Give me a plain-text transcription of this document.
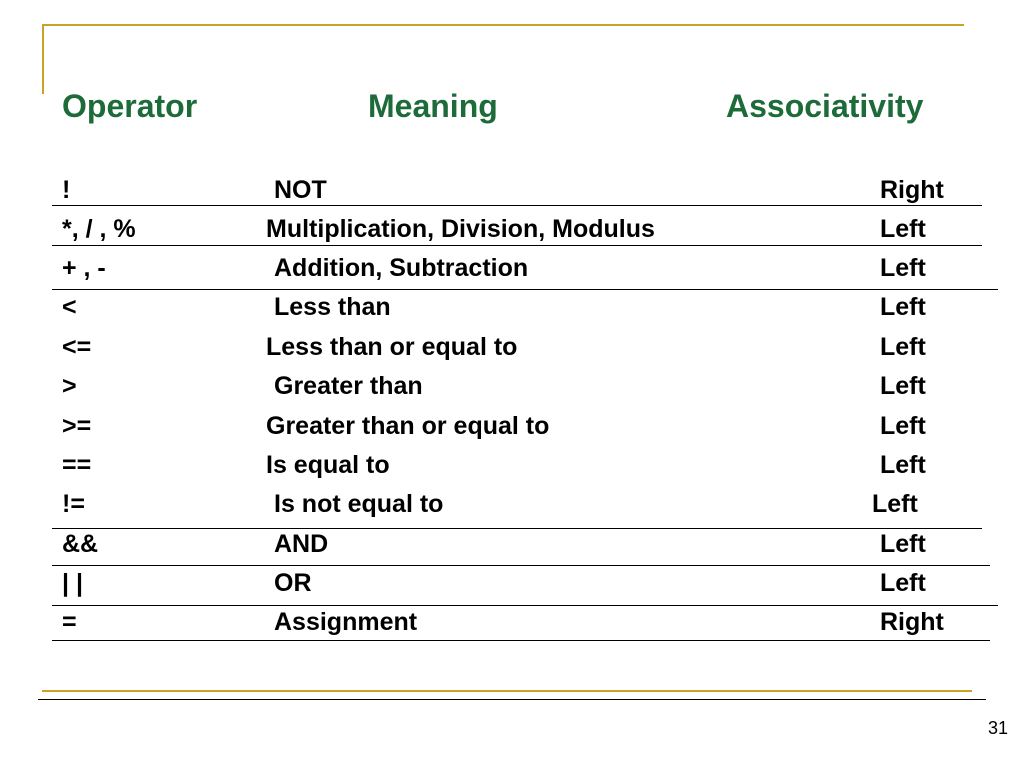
Operator	Meaning	Associativity
!	NOT	Right
*, / , %	Multiplication, Division, Modulus	Left
+ , -	Addition, Subtraction	Left
<	Less than	Left
<=	Less than or equal to	Left
>	Greater than	Left
>=	Greater than or equal to	Left
==	Is equal to	Left
!=	Is not equal to	Left
&&	AND	Left
| |	OR	Left
=	Assignment	Right
31
